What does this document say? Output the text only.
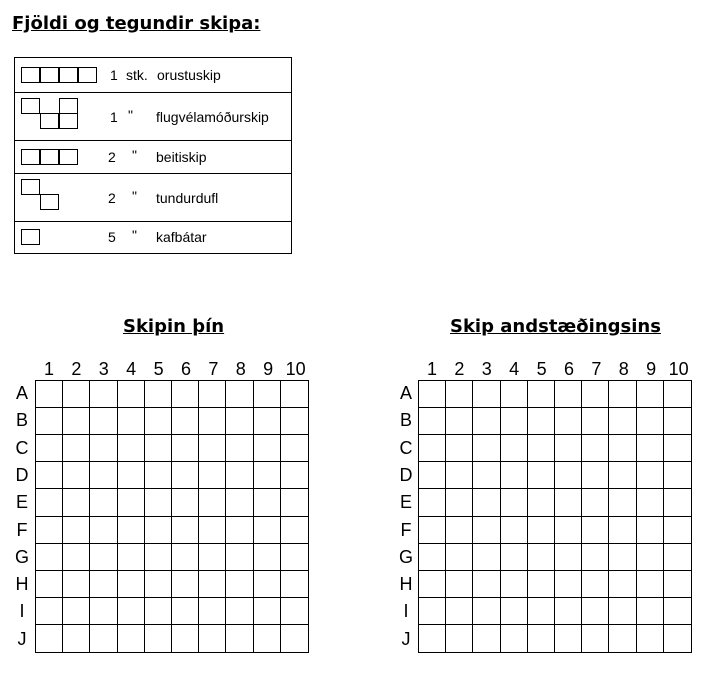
Fjöldi og tegundir skipa:
1 stk. orustuskip
1 " flugvélamóðurskip
2 " beitiskip
2 " tundurdufl
5 " kafbátar
Skipin þín	Skip andstæðingsins
1 2 3 4 5 6 7 8 9 10
A
B
C
D
E
F
G
H
I
J
1 2 3 4 5 6 7 8 9 10
A
B
C
D
E
F
G
H
I
J
